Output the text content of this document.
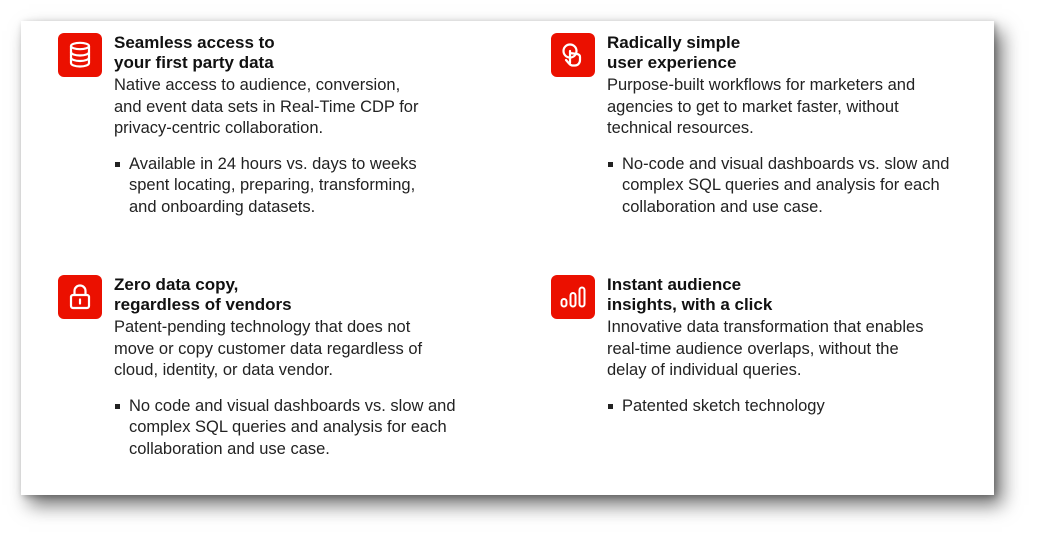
Seamless access to
your first party data

Native access to audience, conversion,
and event data sets in Real-Time CDP for
privacy-centric collaboration.

Available in 24 hours vs. days to weeks
spent locating, preparing, transforming,
and onboarding datasets.
Radically simple
user experience

Purpose-built workflows for marketers and
agencies to get to market faster, without
technical resources.

No-code and visual dashboards vs. slow and
complex SQL queries and analysis for each
collaboration and use case.
Zero data copy,
regardless of vendors

Patent-pending technology that does not
move or copy customer data regardless of
cloud, identity, or data vendor.

No code and visual dashboards vs. slow and
complex SQL queries and analysis for each
collaboration and use case.
Instant audience
insights, with a click

Innovative data transformation that enables
real-time audience overlaps, without the
delay of individual queries.

Patented sketch technology
